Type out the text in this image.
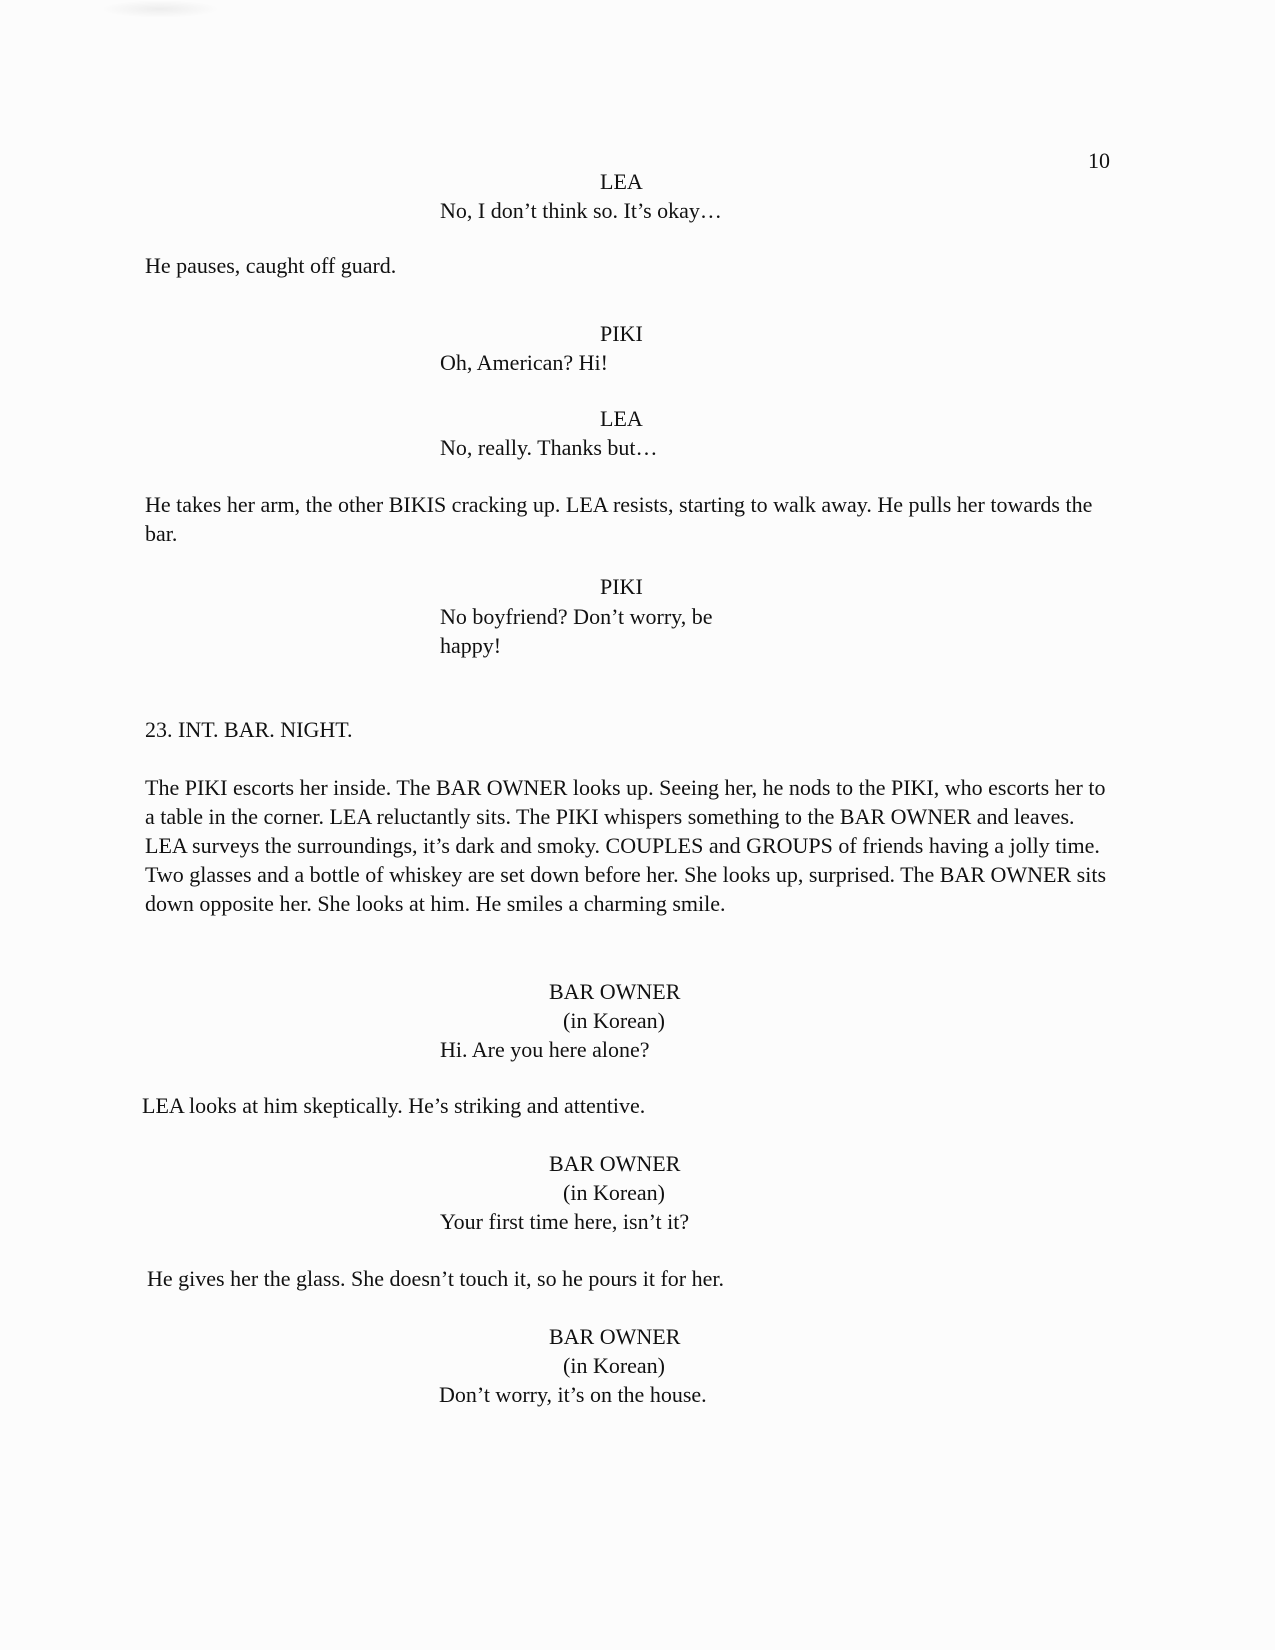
10
LEA
No, I don’t think so. It’s okay…
He pauses, caught off guard.
PIKI
Oh, American? Hi!
LEA
No, really. Thanks but…
He takes her arm, the other BIKIS cracking up. LEA resists, starting to walk away. He pulls her towards the bar.
PIKI
No boyfriend? Don’t worry, be happy!
23. INT. BAR. NIGHT.
The PIKI escorts her inside. The BAR OWNER looks up. Seeing her, he nods to the PIKI, who escorts her to a table in the corner. LEA reluctantly sits. The PIKI whispers something to the BAR OWNER and leaves. LEA surveys the surroundings, it’s dark and smoky. COUPLES and GROUPS of friends having a jolly time. Two glasses and a bottle of whiskey are set down before her. She looks up, surprised. The BAR OWNER sits down opposite her. She looks at him. He smiles a charming smile.
BAR OWNER
(in Korean)
Hi. Are you here alone?
LEA looks at him skeptically. He’s striking and attentive.
BAR OWNER
(in Korean)
Your first time here, isn’t it?
He gives her the glass. She doesn’t touch it, so he pours it for her.
BAR OWNER
(in Korean)
Don’t worry, it’s on the house.
